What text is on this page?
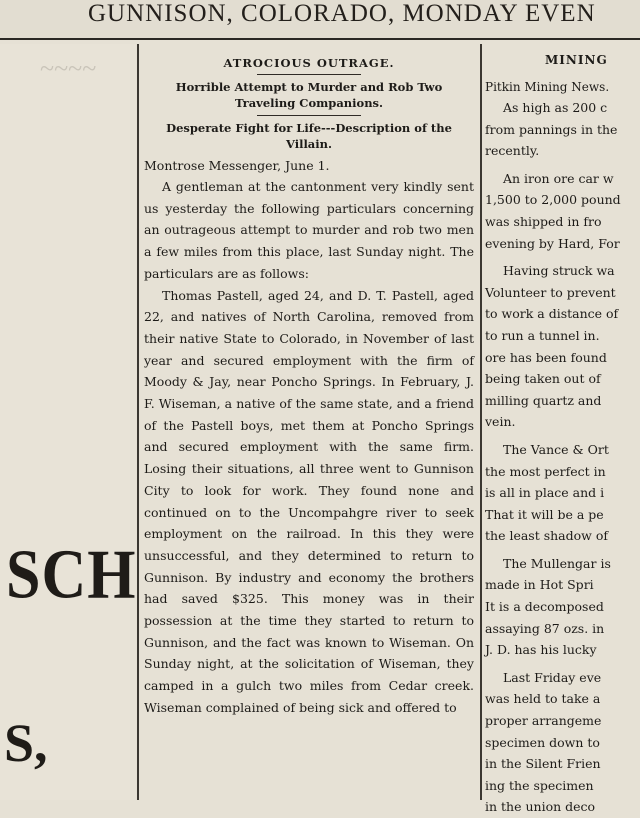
GUNNISON, COLORADO, MONDAY EVEN
~~~~
SCH
S,
ATROCIOUS OUTRAGE.
Horrible Attempt to Murder and Rob Two Traveling Companions.
Desperate Fight for Life---Description of the Villain.
Montrose Messenger, June 1.

A gentleman at the cantonment very kindly sent us yesterday the following particulars concerning an outrageous attempt to murder and rob two men a few miles from this place, last Sunday night. The particulars are as follows:

Thomas Pastell, aged 24, and D. T. Pastell, aged 22, and natives of North Carolina, removed from their native State to Colorado, in November of last year and secured employment with the firm of Moody & Jay, near Poncho Springs. In February, J. F. Wiseman, a native of the same state, and a friend of the Pastell boys, met them at Poncho Springs and secured employment with the same firm. Losing their situations, all three went to Gunnison City to look for work. They found none and continued on to the Uncompahgre river to seek employment on the railroad. In this they were unsuccessful, and they determined to return to Gunnison. By industry and economy the brothers had saved $325. This money was in their possession at the time they started to return to Gunnison, and the fact was known to Wiseman. On Sunday night, at the solicitation of Wiseman, they camped in a gulch two miles from Cedar creek. Wiseman complained of being sick and offered to

MINING
Pitkin Mining News.

As high as 200 c
from pannings in the
recently.

An iron ore car w
1,500 to 2,000 pound
was shipped in fro
evening by Hard, For

Having struck wa
Volunteer to prevent
to work a distance of
to run a tunnel in.
ore has been found
being taken out of
milling quartz and
vein.

The Vance & Ort
the most perfect in
is all in place and i
That it will be a pe
the least shadow of

The Mullengar is
made in Hot Spri
It is a decomposed
assaying 87 ozs. in
J. D. has his lucky

Last Friday eve
was held to take a
proper arrangeme
specimen down to
in the Silent Frien
ing the specimen
in the union deco
